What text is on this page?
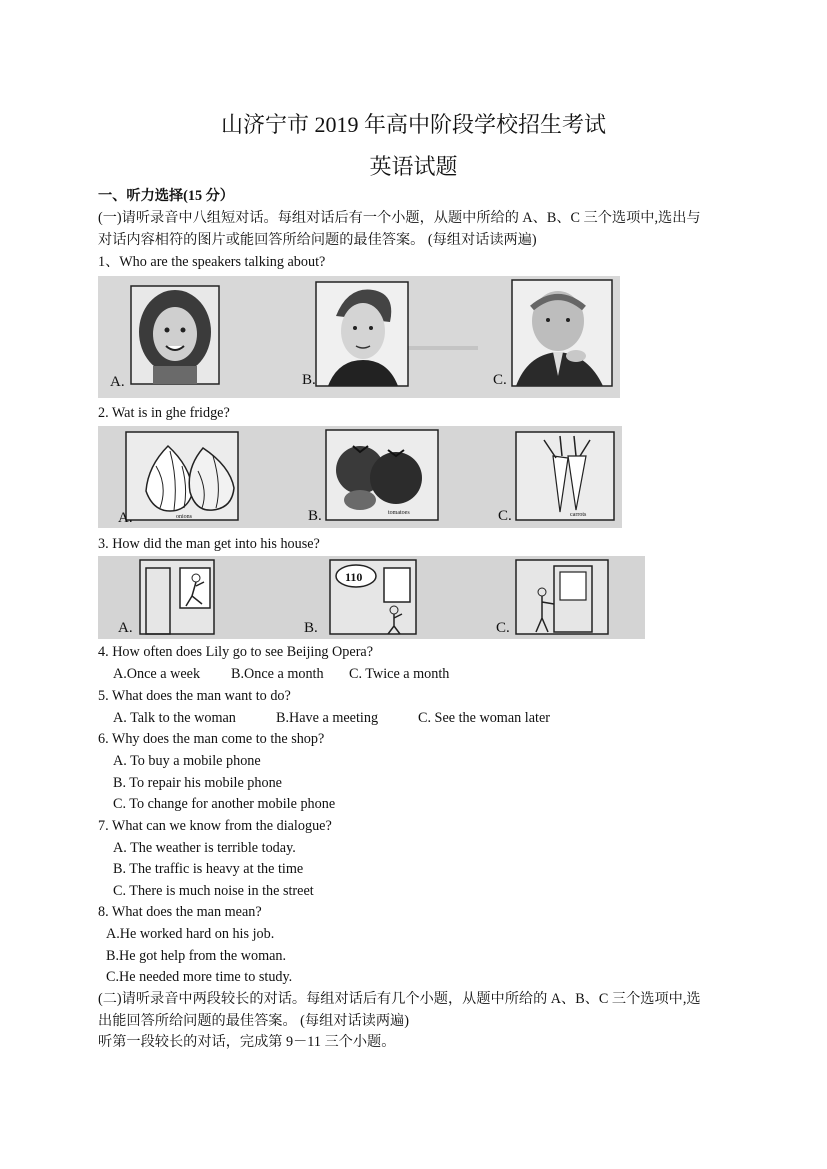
山济宁市 2019 年高中阶段学校招生考试
英语试题
一、听力选择(15 分）
(一)请听录音中八组短对话。每组对话后有一个小题，从题中所给的 A、B、C 三个选项中,选出与
对话内容相符的图片或能回答所给问题的最佳答案。 (每组对话读两遍)
1、Who are the speakers talking about?
A.	B.	C.
2. Wat is in ghe fridge?
onions
A.	tomatoes
B.	carrots
C.
3. How did the man get into his house?
A.
110
B.	C.
4. How often does Lily go to see Beijing Opera?
A.Once a week B.Once a month C. Twice a month
5. What does the man want to do?
A. Talk to the woman	B.Have a meeting	C. See the woman later
6. Why does the man come to the shop?
A. To buy a mobile phone
B. To repair his mobile phone
C. To change for another mobile phone
7. What can we know from the dialogue?
A. The weather is terrible today.
B. The traffic is heavy at the time
C. There is much noise in the street
8. What does the man mean?
A.He worked hard on his job.
B.He got help from the woman.
C.He needed more time to study.
(二)请听录音中两段较长的对话。每组对话后有几个小题，从题中所给的 A、B、C 三个选项中,选
出能回答所给问题的最佳答案。 (每组对话读两遍)
听第一段较长的对话，完成第 9－11 三个小题。
